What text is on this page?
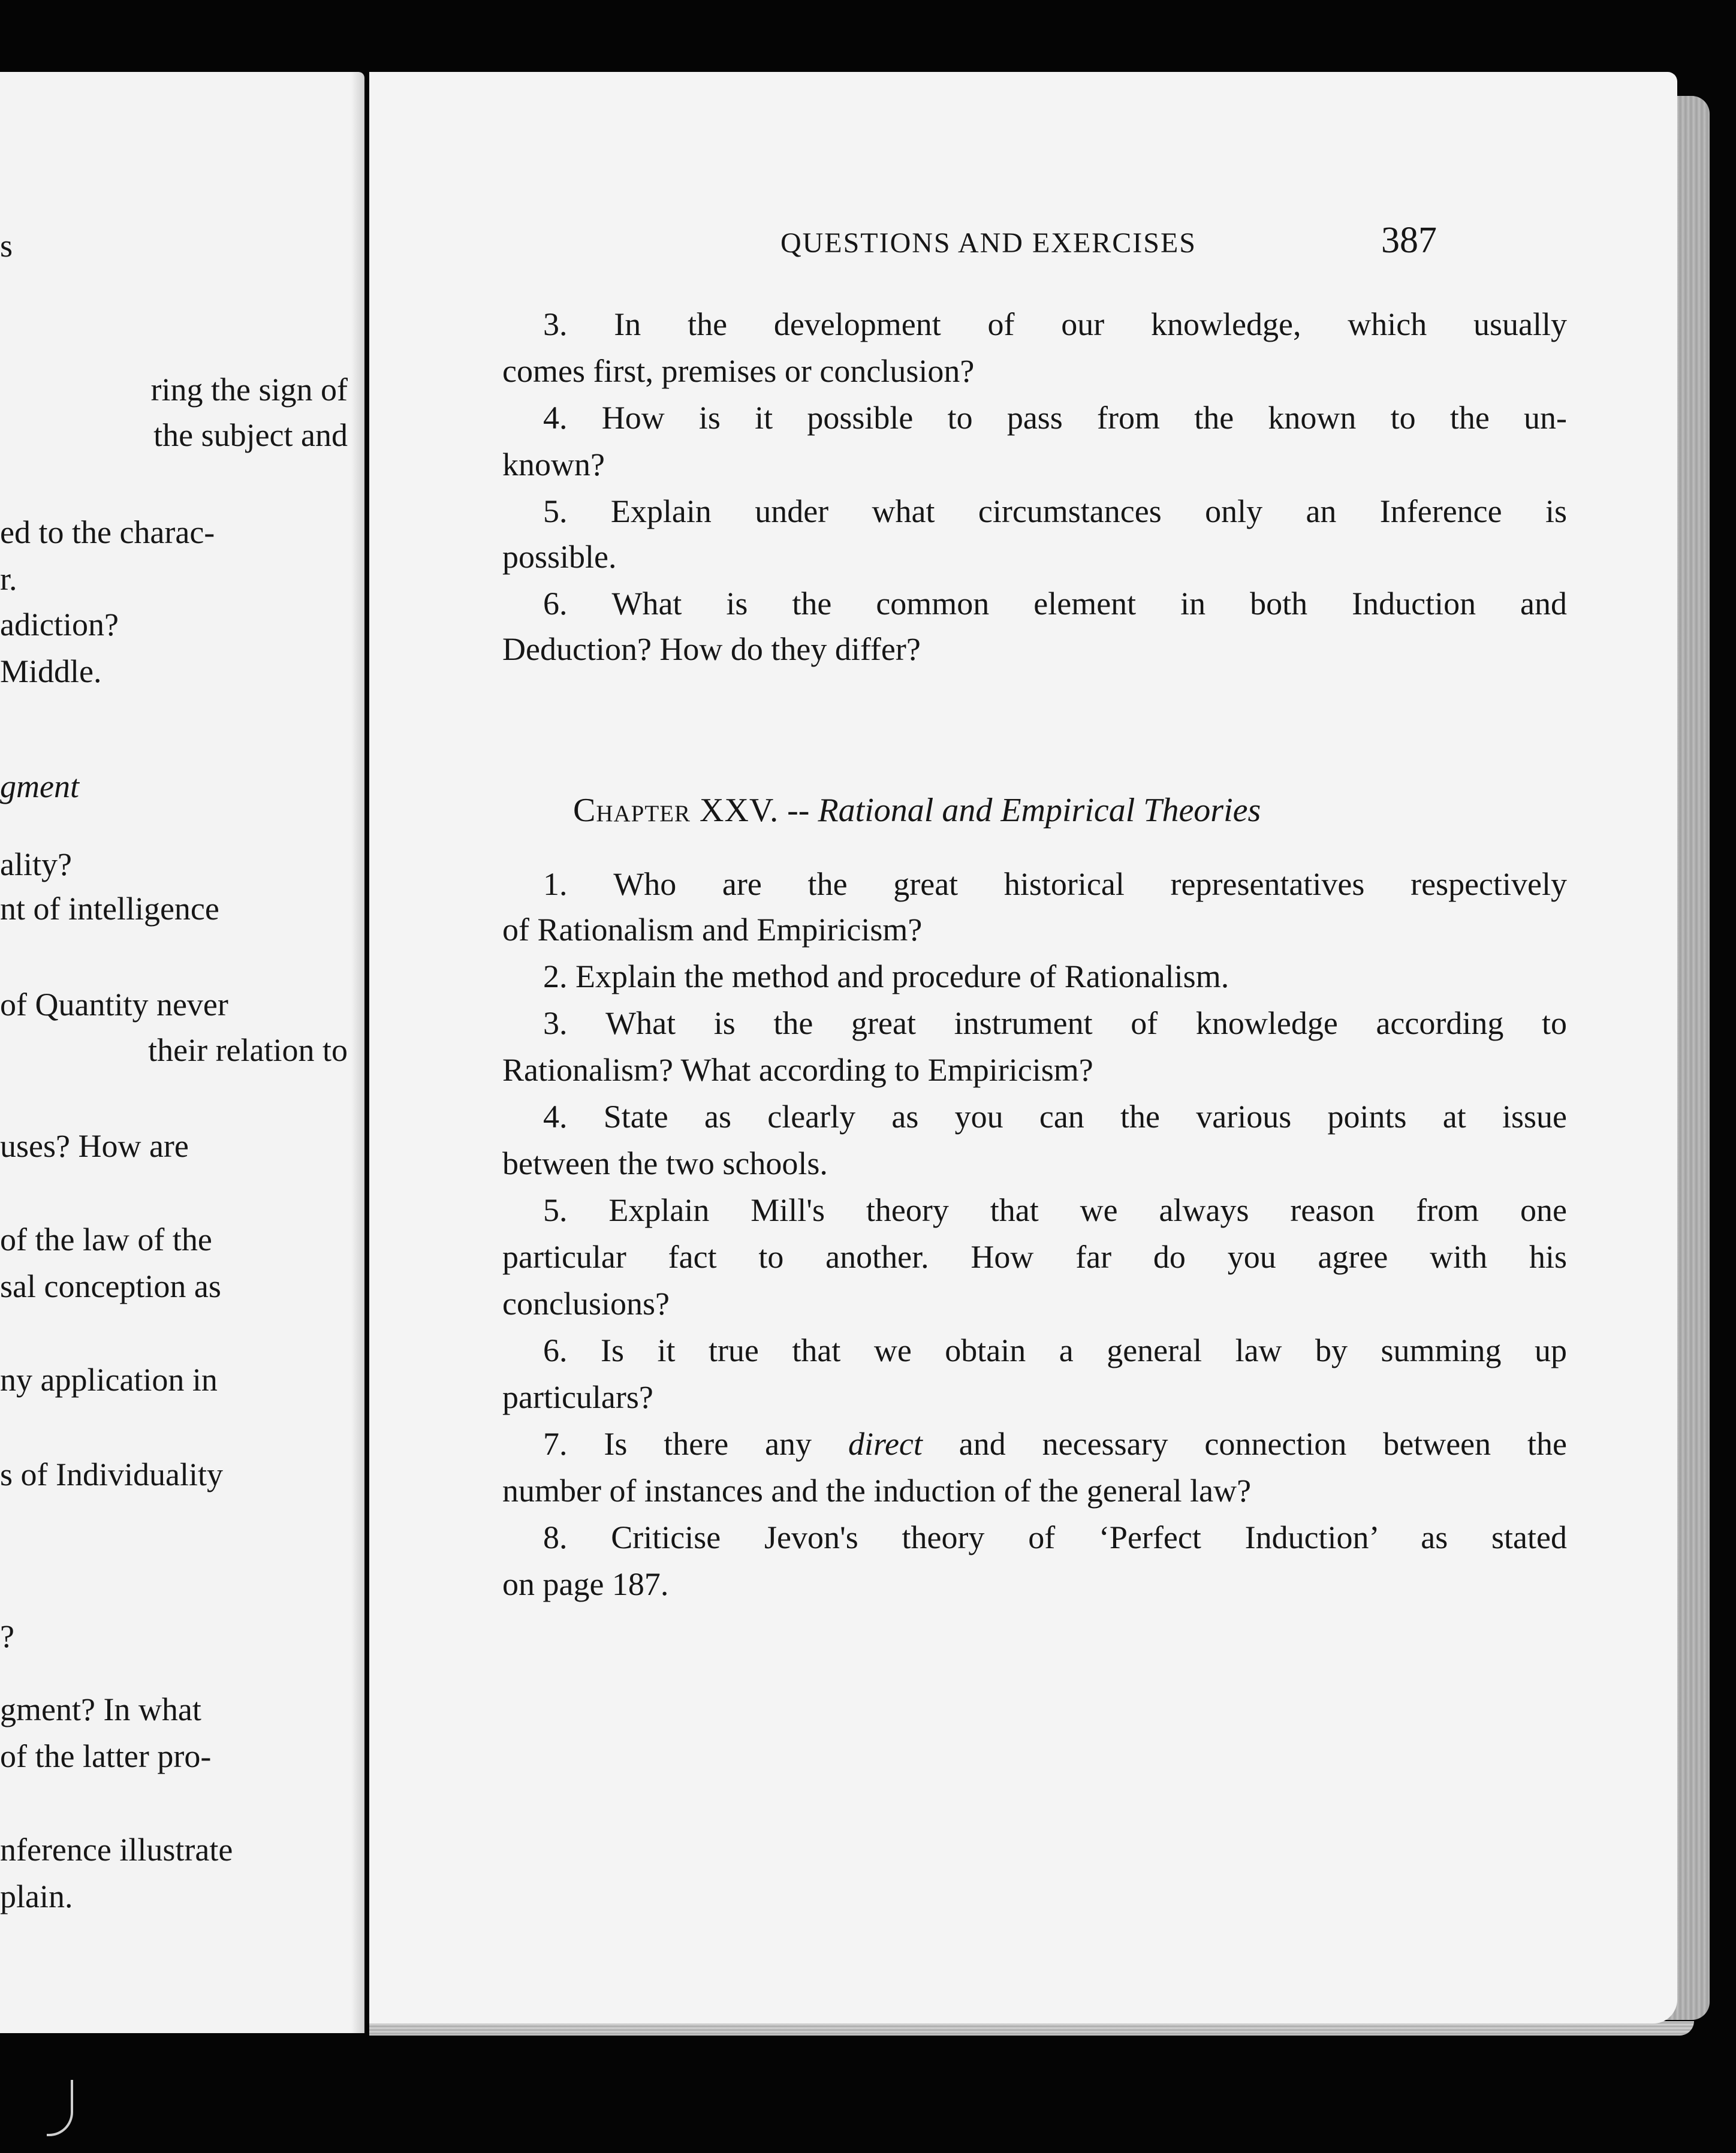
s
ring the sign of
the subject and
ed to the charac-
r.
adiction?
Middle.
gment
ality?
nt of intelligence
of Quantity never
their relation to
uses? How are
of the law of the
sal conception as
ny application in
s of Individuality
?
gment? In what
of the latter pro-
nference illustrate
plain.
QUESTIONS AND EXERCISES	387
3. In the development of our knowledge, which usually
comes first, premises or conclusion?
4. How is it possible to pass from the known to the un-
known?
5. Explain under what circumstances only an Inference is
possible.
6. What is the common element in both Induction and
Deduction? How do they differ?
Chapter XXV. -- Rational and Empirical Theories
1. Who are the great historical representatives respectively
of Rationalism and Empiricism?
2. Explain the method and procedure of Rationalism.
3. What is the great instrument of knowledge according to
Rationalism? What according to Empiricism?
4. State as clearly as you can the various points at issue
between the two schools.
5. Explain Mill's theory that we always reason from one
particular fact to another. How far do you agree with his
conclusions?
6. Is it true that we obtain a general law by summing up
particulars?
7. Is there any direct and necessary connection between the
number of instances and the induction of the general law?
8. Criticise Jevon's theory of ‘Perfect Induction’ as stated
on page 187.
